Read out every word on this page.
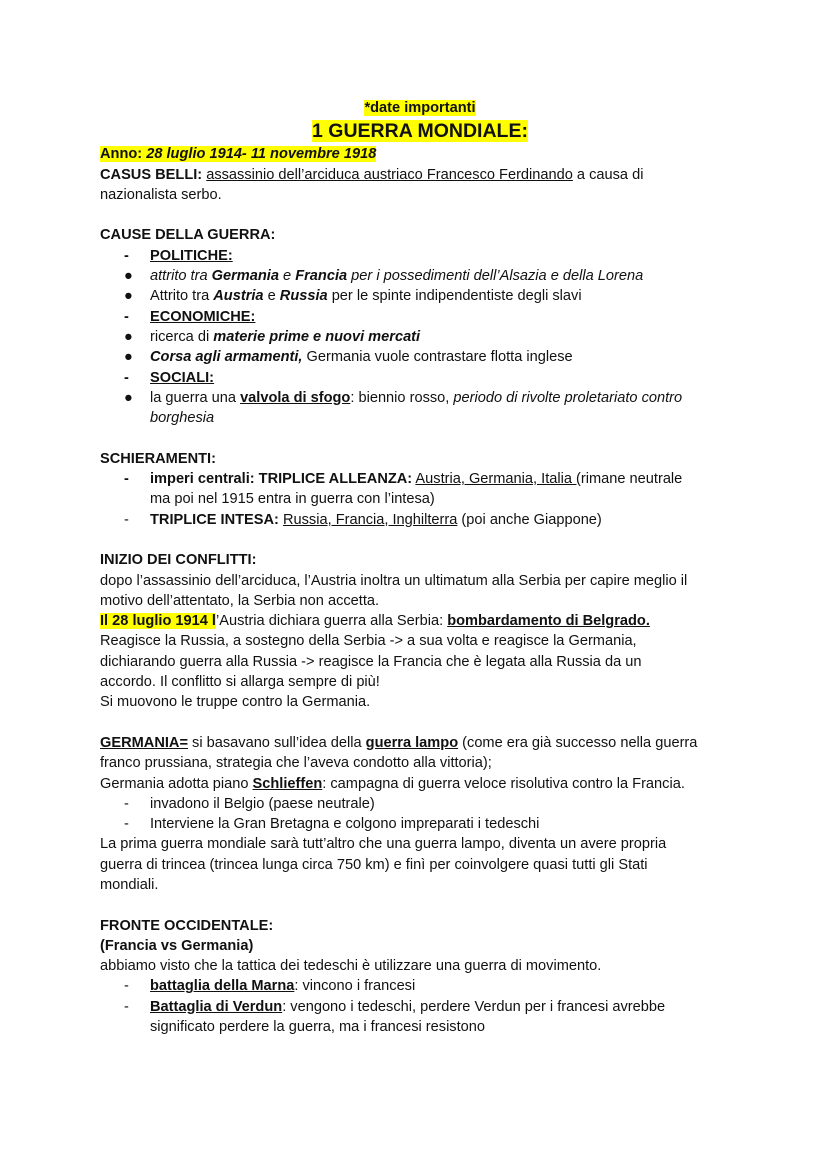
*date importanti
1 GUERRA MONDIALE:
Anno: 28 luglio 1914- 11 novembre 1918
CASUS BELLI: assassinio dell’arciduca austriaco Francesco Ferdinando a causa di
nazionalista serbo.
CAUSE DELLA GUERRA:
- POLITICHE:
● attrito tra Germania e Francia per i possedimenti dell’Alsazia e della Lorena
● Attrito tra Austria e Russia per le spinte indipendentiste degli slavi
- ECONOMICHE:
● ricerca di materie prime e nuovi mercati
● Corsa agli armamenti, Germania vuole contrastare flotta inglese
- SOCIALI:
● la guerra una valvola di sfogo: biennio rosso, periodo di rivolte proletariato contro
borghesia
SCHIERAMENTI:
- imperi centrali: TRIPLICE ALLEANZA: Austria, Germania, Italia (rimane neutrale
ma poi nel 1915 entra in guerra con l’intesa)
- TRIPLICE INTESA: Russia, Francia, Inghilterra (poi anche Giappone)
INIZIO DEI CONFLITTI:
dopo l’assassinio dell’arciduca, l’Austria inoltra un ultimatum alla Serbia per capire meglio il
motivo dell’attentato, la Serbia non accetta.
Il 28 luglio 1914 l’Austria dichiara guerra alla Serbia: bombardamento di Belgrado.
Reagisce la Russia, a sostegno della Serbia -> a sua volta e reagisce la Germania,
dichiarando guerra alla Russia -> reagisce la Francia che è legata alla Russia da un
accordo. Il conflitto si allarga sempre di più!
Si muovono le truppe contro la Germania.
GERMANIA= si basavano sull’idea della guerra lampo (come era già successo nella guerra
franco prussiana, strategia che l’aveva condotto alla vittoria);
Germania adotta piano Schlieffen: campagna di guerra veloce risolutiva contro la Francia.
- invadono il Belgio (paese neutrale)
- Interviene la Gran Bretagna e colgono impreparati i tedeschi
La prima guerra mondiale sarà tutt’altro che una guerra lampo, diventa un avere propria
guerra di trincea (trincea lunga circa 750 km) e finì per coinvolgere quasi tutti gli Stati
mondiali.
FRONTE OCCIDENTALE:
(Francia vs Germania)
abbiamo visto che la tattica dei tedeschi è utilizzare una guerra di movimento.
- battaglia della Marna: vincono i francesi
- Battaglia di Verdun: vengono i tedeschi, perdere Verdun per i francesi avrebbe
significato perdere la guerra, ma i francesi resistono
